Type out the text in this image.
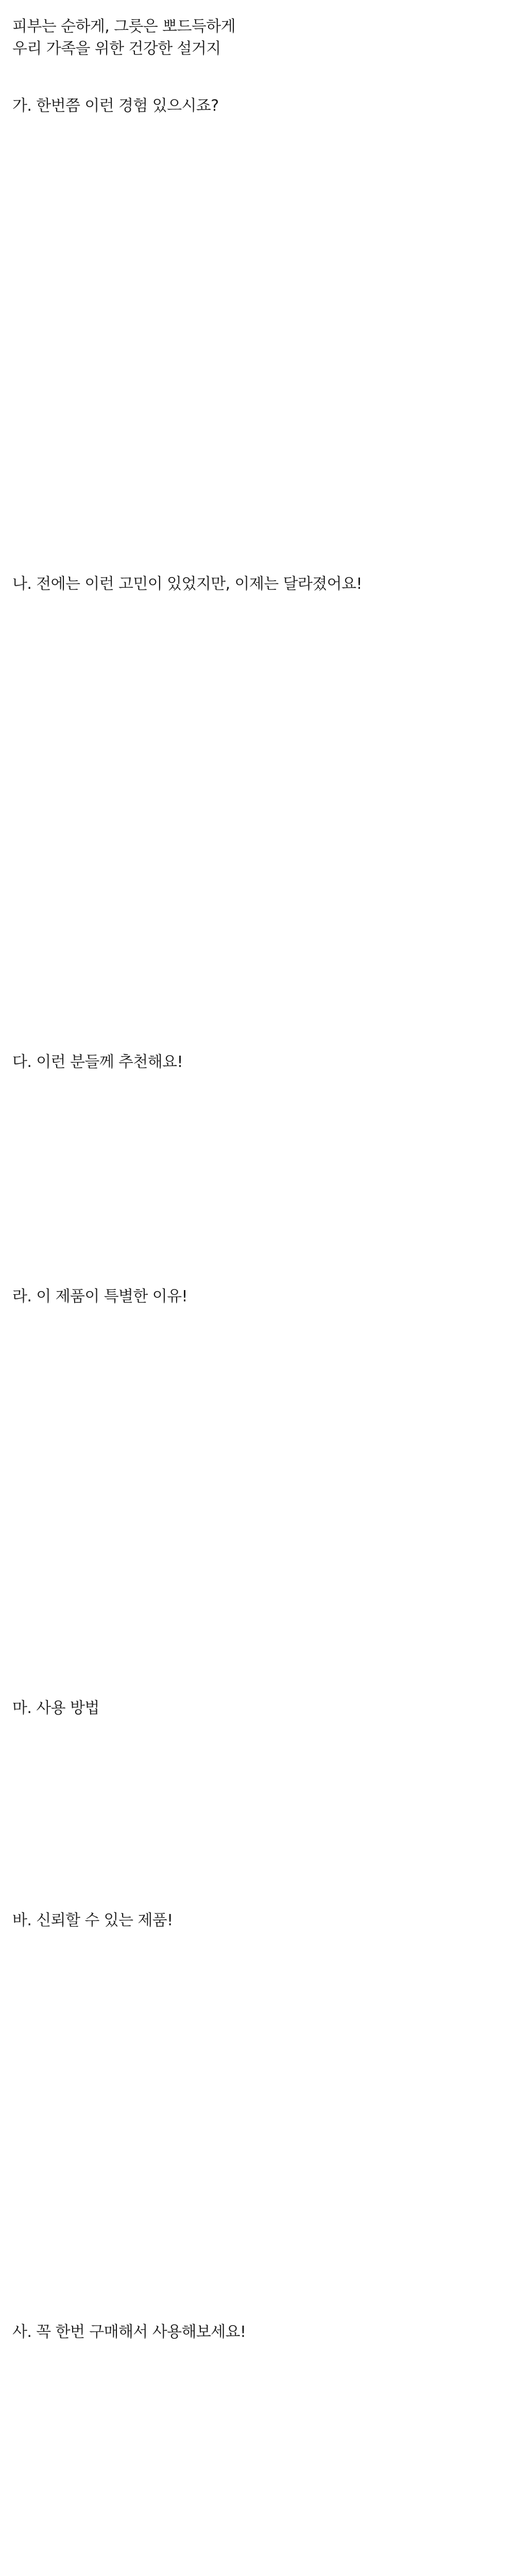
피부는 순하게, 그릇은 뽀드득하게
우리 가족을 위한 건강한 설거지
가. 한번쯤 이런 경험 있으시죠?
나. 전에는 이런 고민이 있었지만, 이제는 달라졌어요!
다. 이런 분들께 추천해요!
라. 이 제품이 특별한 이유!
마. 사용 방법
바. 신뢰할 수 있는 제품!
사. 꼭 한번 구매해서 사용해보세요!
